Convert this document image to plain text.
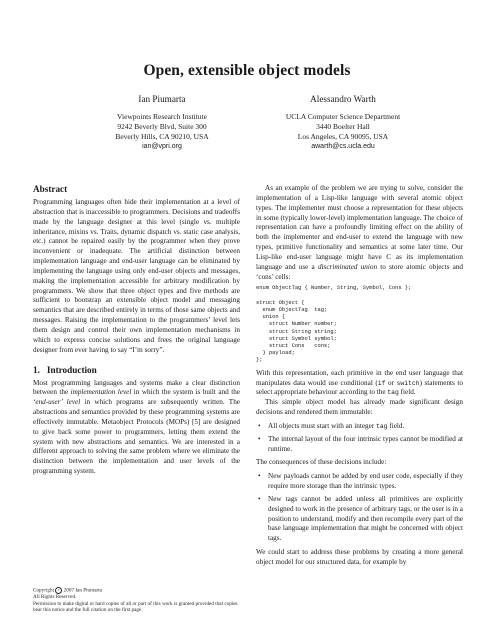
Open, extensible object models
Ian Piumarta
Viewpoints Research Institute
9242 Beverly Blvd, Suite 300
Beverly Hills, CA 90210, USA
ian@vpri.org
Alessandro Warth
UCLA Computer Science Department
3440 Boelter Hall
Los Angeles, CA 90095, USA
awarth@cs.ucla.edu
Abstract

Programming languages often hide their implementation at a level of abstraction that is inaccessible to programmers. Decisions and tradeoffs made by the language designer at this level (single vs. multiple inheritance, mixins vs. Traits, dynamic dispatch vs. static case analysis, etc.) cannot be repaired easily by the programmer when they prove inconvenient or inadequate. The artificial distinction between implementation language and end-user language can be eliminated by implementing the language using only end-user objects and messages, making the implementation accessible for arbitrary modification by programmers. We show that three object types and five methods are sufficient to bootstrap an extensible object model and messaging semantics that are described entirely in terms of those same objects and messages. Raising the implementation to the programmers’ level lets them design and control their own implementation mechanisms in which to express concise solutions and frees the original language designer from ever having to say “I’m sorry”.

1. Introduction

Most programming languages and systems make a clear distinction between the implementation level in which the system is built and the ‘end-user’ level in which programs are subsequently written. The abstractions and semantics provided by these programming systems are effectively immutable. Metaobject Protocols (MOPs) [5] are designed to give back some power to programmers, letting them extend the system with new abstractions and semantics. We are interested in a different approach to solving the same problem where we eliminate the distinction between the implementation and user levels of the programming system.

As an example of the problem we are trying to solve, consider the implementation of a Lisp-like language with several atomic object types. The implementer must choose a representation for these objects in some (typically lower-level) implementation language. The choice of representation can have a profoundly limiting effect on the ability of both the implementer and end-user to extend the language with new types, primitive functionality and semantics at some later time. Our Lisp-like end-user language might have C as its implementation language and use a discriminated union to store atomic objects and ‘cons’ cells:

enum ObjectTag { Number, String, Symbol, Cons };

struct Object {
enum ObjectTag  tag;
union {
struct Number number;
struct String string;
struct Symbol symbol;
struct Cons   cons;
} payload;
};

With this representation, each primitive in the end user language that manipulates data would use conditional (if or switch) statements to select appropriate behaviour according to the tag field.

This simple object model has already made significant design decisions and rendered them immutable:

• All objects must start with an integer tag field.
• The internal layout of the four intrinsic types cannot be modified at runtime.

The consequences of these decisions include:

• New payloads cannot be added by end user code, especially if they require more storage than the intrinsic types.
• New tags cannot be added unless all primitives are explicitly designed to work in the presence of arbitrary tags, or the user is in a position to understand, modify and then recompile every part of the base language implementation that might be concerned with object tags.

We could start to address these problems by creating a more general object model for our structured data, for example by

Copyright c 2007 Ian Piumarta
All Rights Reserved.
Permission to make digital or hard copies of all or part of this work is granted provided that copies bear this notice and the full citation on the first page.
